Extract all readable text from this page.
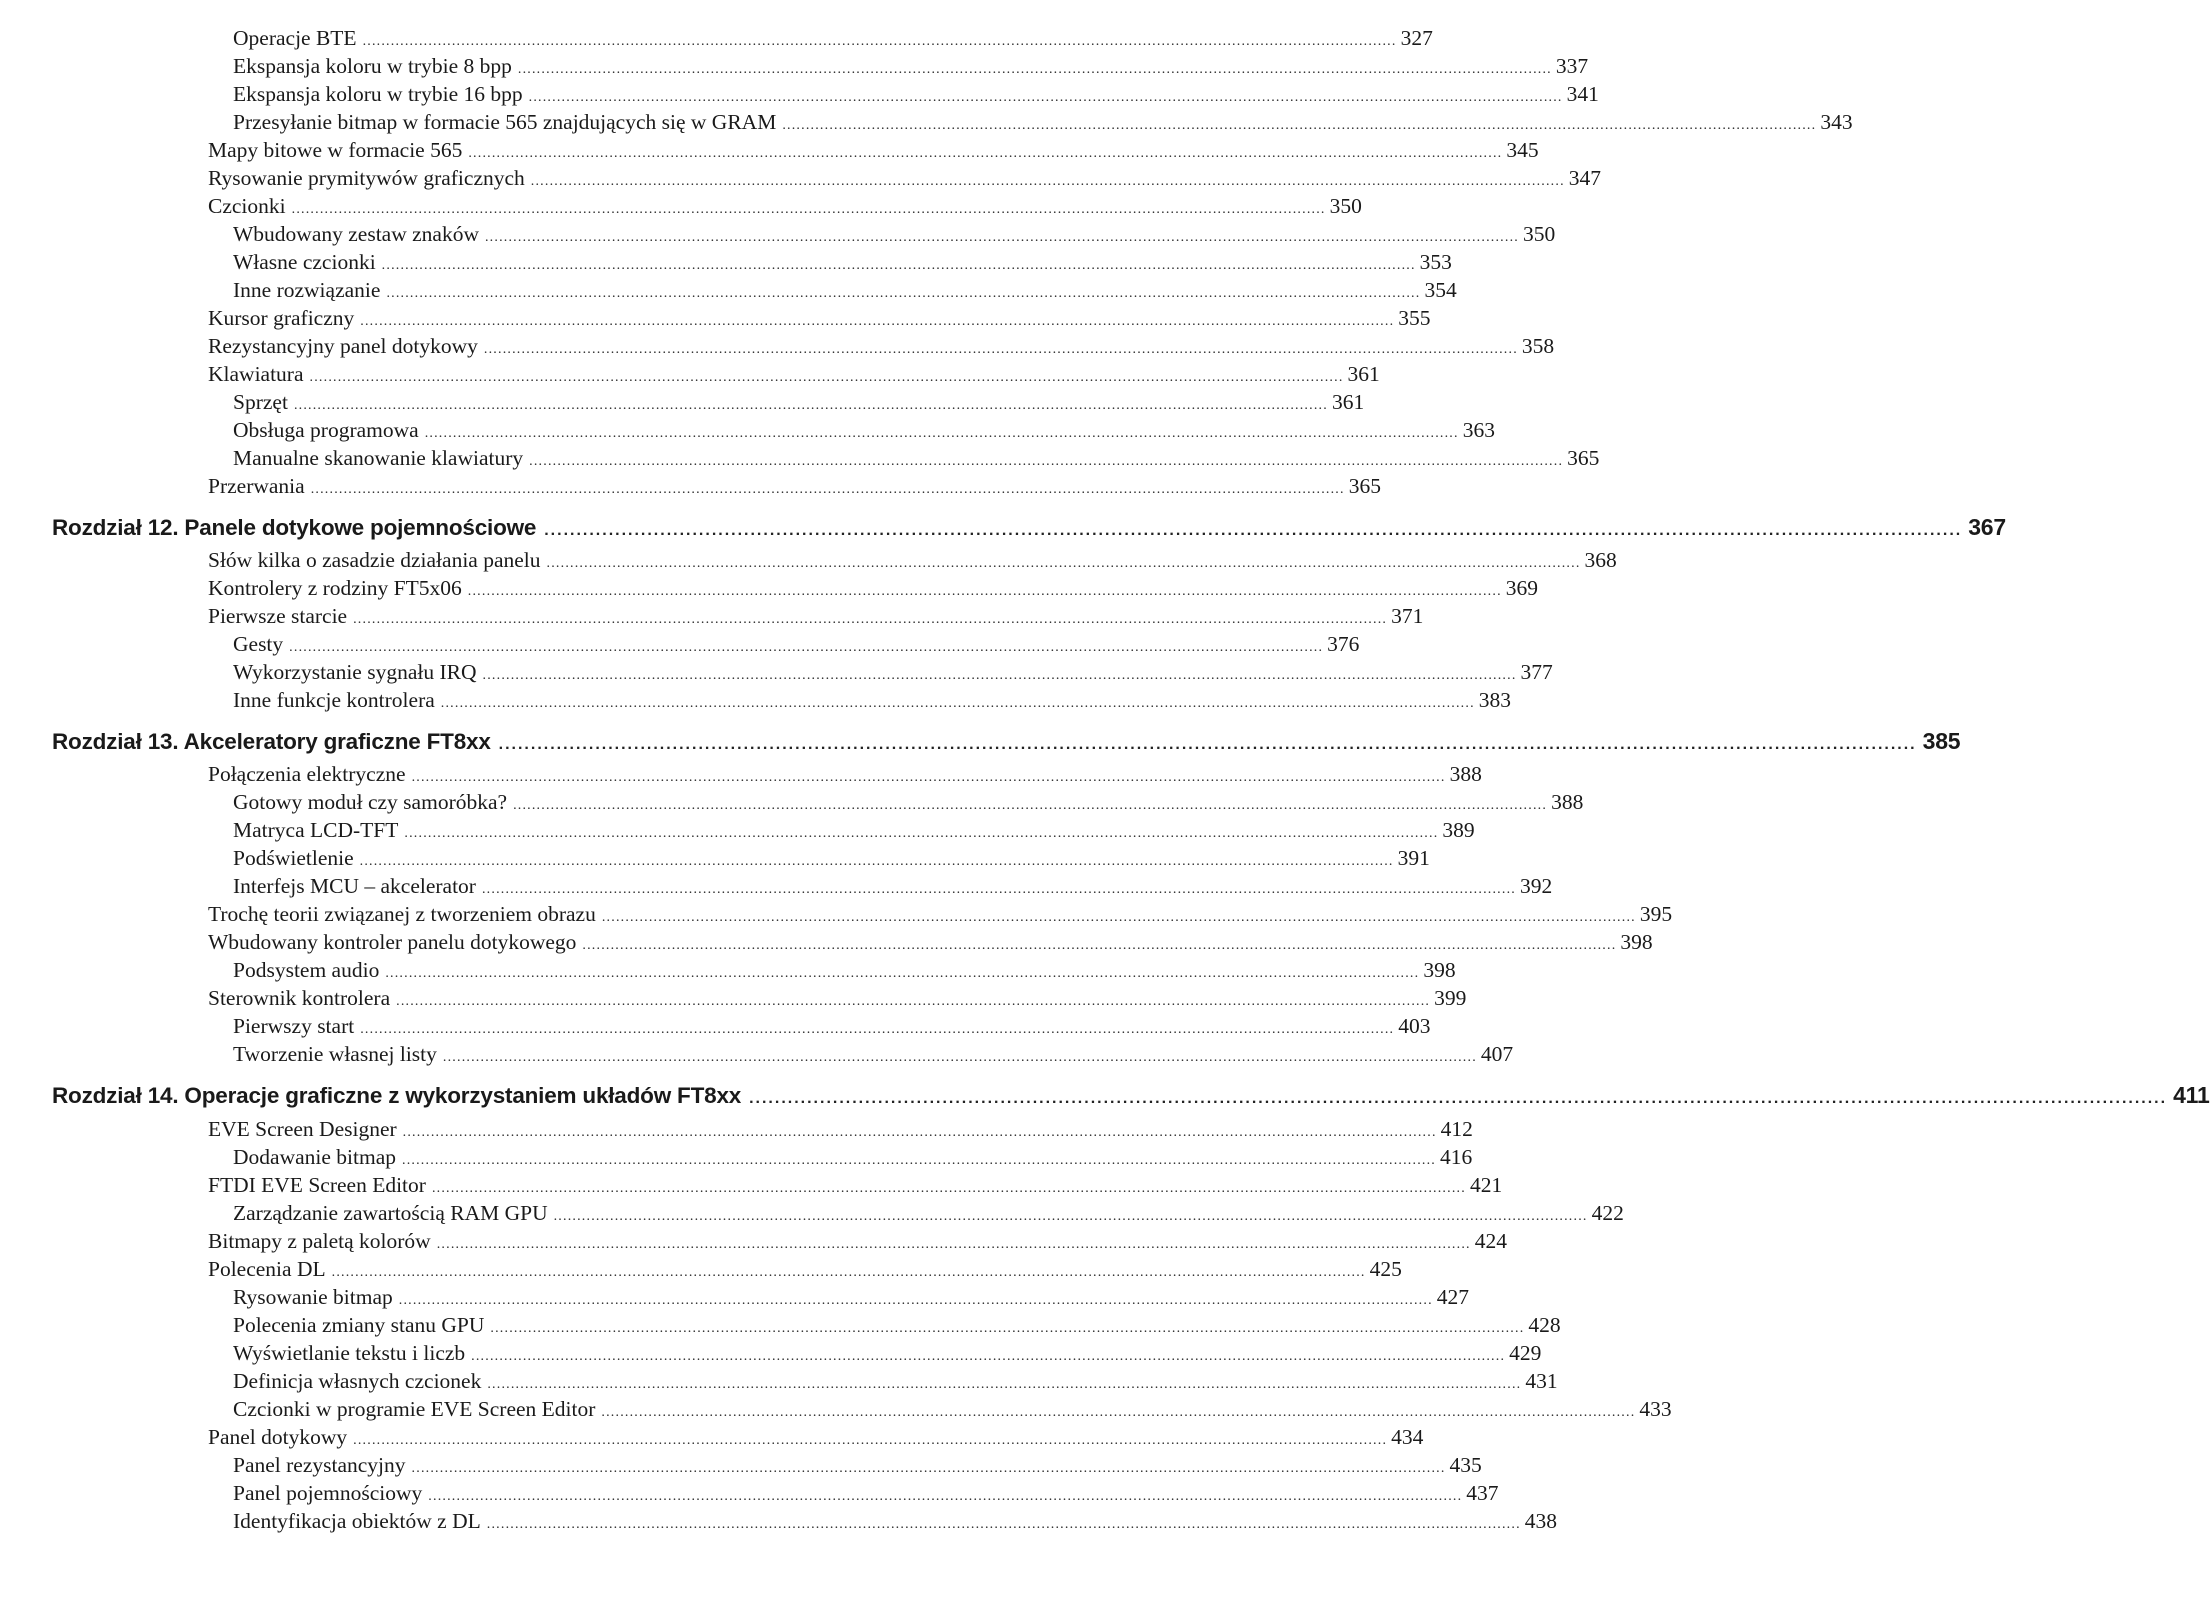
Operacje BTE ............................................................................................................................................................................................................................ 327
Ekspansja koloru w trybie 8 bpp ............................................................................................................................................................................................................................ 337
Ekspansja koloru w trybie 16 bpp ............................................................................................................................................................................................................................ 341
Przesyłanie bitmap w formacie 565 znajdujących się w GRAM ............................................................................................................................................................................................................................ 343
Mapy bitowe w formacie 565 ............................................................................................................................................................................................................................ 345
Rysowanie prymitywów graficznych ............................................................................................................................................................................................................................ 347
Czcionki ............................................................................................................................................................................................................................ 350
Wbudowany zestaw znaków ............................................................................................................................................................................................................................ 350
Własne czcionki ............................................................................................................................................................................................................................ 353
Inne rozwiązanie ............................................................................................................................................................................................................................ 354
Kursor graficzny ............................................................................................................................................................................................................................ 355
Rezystancyjny panel dotykowy ............................................................................................................................................................................................................................ 358
Klawiatura ............................................................................................................................................................................................................................ 361
Sprzęt ............................................................................................................................................................................................................................ 361
Obsługa programowa ............................................................................................................................................................................................................................ 363
Manualne skanowanie klawiatury ............................................................................................................................................................................................................................ 365
Przerwania ............................................................................................................................................................................................................................ 365
Rozdział 12. Panele dotykowe pojemnościowe ............................................................................................................................................................................................................................ 367
Słów kilka o zasadzie działania panelu ............................................................................................................................................................................................................................ 368
Kontrolery z rodziny FT5x06 ............................................................................................................................................................................................................................ 369
Pierwsze starcie ............................................................................................................................................................................................................................ 371
Gesty ............................................................................................................................................................................................................................ 376
Wykorzystanie sygnału IRQ ............................................................................................................................................................................................................................ 377
Inne funkcje kontrolera ............................................................................................................................................................................................................................ 383
Rozdział 13. Akceleratory graficzne FT8xx ............................................................................................................................................................................................................................ 385
Połączenia elektryczne ............................................................................................................................................................................................................................ 388
Gotowy moduł czy samoróbka? ............................................................................................................................................................................................................................ 388
Matryca LCD-TFT ............................................................................................................................................................................................................................ 389
Podświetlenie ............................................................................................................................................................................................................................ 391
Interfejs MCU – akcelerator ............................................................................................................................................................................................................................ 392
Trochę teorii związanej z tworzeniem obrazu ............................................................................................................................................................................................................................ 395
Wbudowany kontroler panelu dotykowego ............................................................................................................................................................................................................................ 398
Podsystem audio ............................................................................................................................................................................................................................ 398
Sterownik kontrolera ............................................................................................................................................................................................................................ 399
Pierwszy start ............................................................................................................................................................................................................................ 403
Tworzenie własnej listy ............................................................................................................................................................................................................................ 407
Rozdział 14. Operacje graficzne z wykorzystaniem układów FT8xx ............................................................................................................................................................................................................................ 411
EVE Screen Designer ............................................................................................................................................................................................................................ 412
Dodawanie bitmap ............................................................................................................................................................................................................................ 416
FTDI EVE Screen Editor ............................................................................................................................................................................................................................ 421
Zarządzanie zawartością RAM GPU ............................................................................................................................................................................................................................ 422
Bitmapy z paletą kolorów ............................................................................................................................................................................................................................ 424
Polecenia DL ............................................................................................................................................................................................................................ 425
Rysowanie bitmap ............................................................................................................................................................................................................................ 427
Polecenia zmiany stanu GPU ............................................................................................................................................................................................................................ 428
Wyświetlanie tekstu i liczb ............................................................................................................................................................................................................................ 429
Definicja własnych czcionek ............................................................................................................................................................................................................................ 431
Czcionki w programie EVE Screen Editor ............................................................................................................................................................................................................................ 433
Panel dotykowy ............................................................................................................................................................................................................................ 434
Panel rezystancyjny ............................................................................................................................................................................................................................ 435
Panel pojemnościowy ............................................................................................................................................................................................................................ 437
Identyfikacja obiektów z DL ............................................................................................................................................................................................................................ 438
